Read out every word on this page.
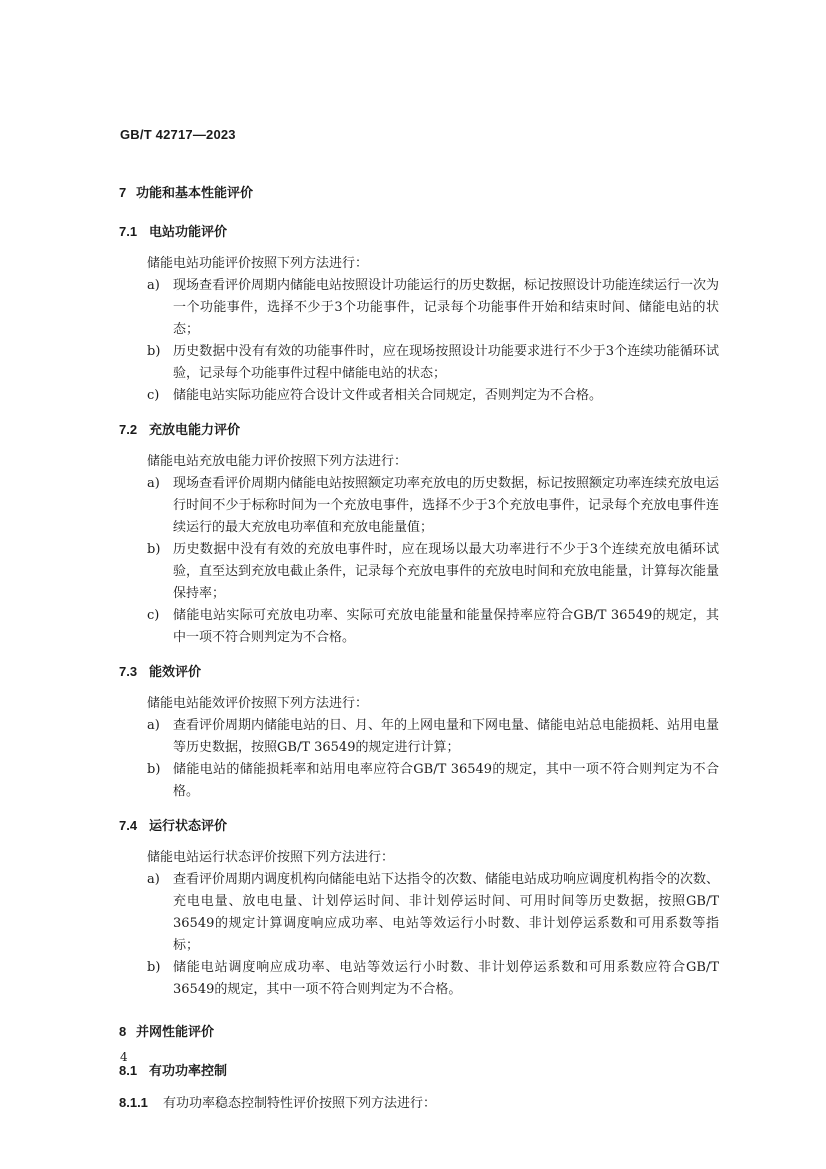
GB/T 42717—2023
7 功能和基本性能评价
7.1 电站功能评价
储能电站功能评价按照下列方法进行：
a) 现场查看评价周期内储能电站按照设计功能运行的历史数据，标记按照设计功能连续运行一次为一个功能事件，选择不少于3个功能事件，记录每个功能事件开始和结束时间、储能电站的状态；
b) 历史数据中没有有效的功能事件时，应在现场按照设计功能要求进行不少于3个连续功能循环试验，记录每个功能事件过程中储能电站的状态；
c) 储能电站实际功能应符合设计文件或者相关合同规定，否则判定为不合格。
7.2 充放电能力评价
储能电站充放电能力评价按照下列方法进行：
a) 现场查看评价周期内储能电站按照额定功率充放电的历史数据，标记按照额定功率连续充放电运行时间不少于标称时间为一个充放电事件，选择不少于3个充放电事件，记录每个充放电事件连续运行的最大充放电功率值和充放电能量值；
b) 历史数据中没有有效的充放电事件时，应在现场以最大功率进行不少于3个连续充放电循环试验，直至达到充放电截止条件，记录每个充放电事件的充放电时间和充放电能量，计算每次能量保持率；
c) 储能电站实际可充放电功率、实际可充放电能量和能量保持率应符合GB/T 36549的规定，其中一项不符合则判定为不合格。
7.3 能效评价
储能电站能效评价按照下列方法进行：
a) 查看评价周期内储能电站的日、月、年的上网电量和下网电量、储能电站总电能损耗、站用电量等历史数据，按照GB/T 36549的规定进行计算；
b) 储能电站的储能损耗率和站用电率应符合GB/T 36549的规定，其中一项不符合则判定为不合格。
7.4 运行状态评价
储能电站运行状态评价按照下列方法进行：
a) 查看评价周期内调度机构向储能电站下达指令的次数、储能电站成功响应调度机构指令的次数、充电电量、放电电量、计划停运时间、非计划停运时间、可用时间等历史数据，按照GB/T 36549的规定计算调度响应成功率、电站等效运行小时数、非计划停运系数和可用系数等指标；
b) 储能电站调度响应成功率、电站等效运行小时数、非计划停运系数和可用系数应符合GB/T 36549的规定，其中一项不符合则判定为不合格。
8 并网性能评价
8.1 有功功率控制
8.1.1 有功功率稳态控制特性评价按照下列方法进行：
4
